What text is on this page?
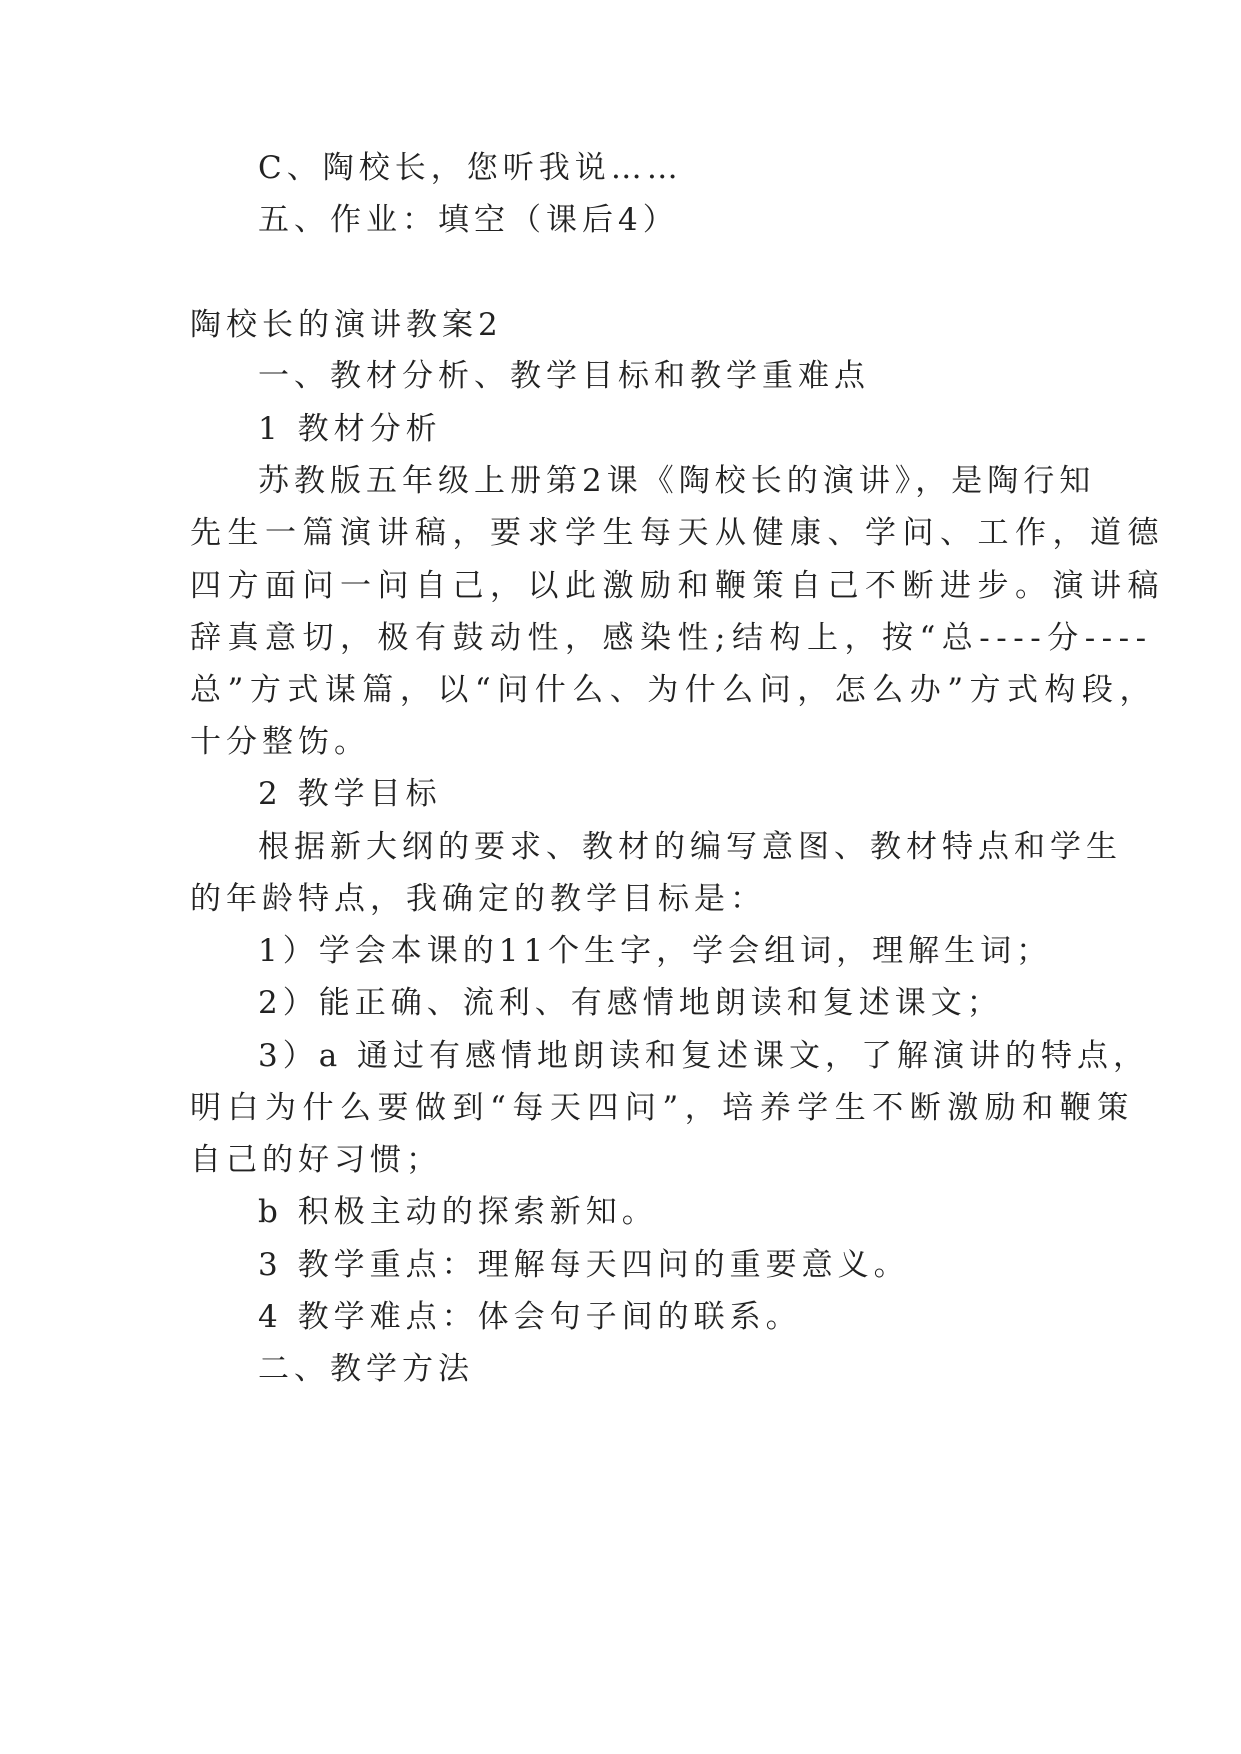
C、陶校长，您听我说……
五、作业：填空（课后4）
陶校长的演讲教案2
一、教材分析、教学目标和教学重难点
1 教材分析
苏教版五年级上册第2课《陶校长的演讲》，是陶行知
先生一篇演讲稿，要求学生每天从健康、学问、工作，道德
四方面问一问自己，以此激励和鞭策自己不断进步。演讲稿
辞真意切，极有鼓动性，感染性;结构上，按“总----分----
总”方式谋篇，以“问什么、为什么问，怎么办”方式构段，
十分整饬。
2 教学目标
根据新大纲的要求、教材的编写意图、教材特点和学生
的年龄特点，我确定的教学目标是：
1）学会本课的11个生字，学会组词，理解生词；
2）能正确、流利、有感情地朗读和复述课文；
3）a 通过有感情地朗读和复述课文，了解演讲的特点，
明白为什么要做到“每天四问”，培养学生不断激励和鞭策
自己的好习惯；
b 积极主动的探索新知。
3 教学重点：理解每天四问的重要意义。
4 教学难点：体会句子间的联系。
二、教学方法
